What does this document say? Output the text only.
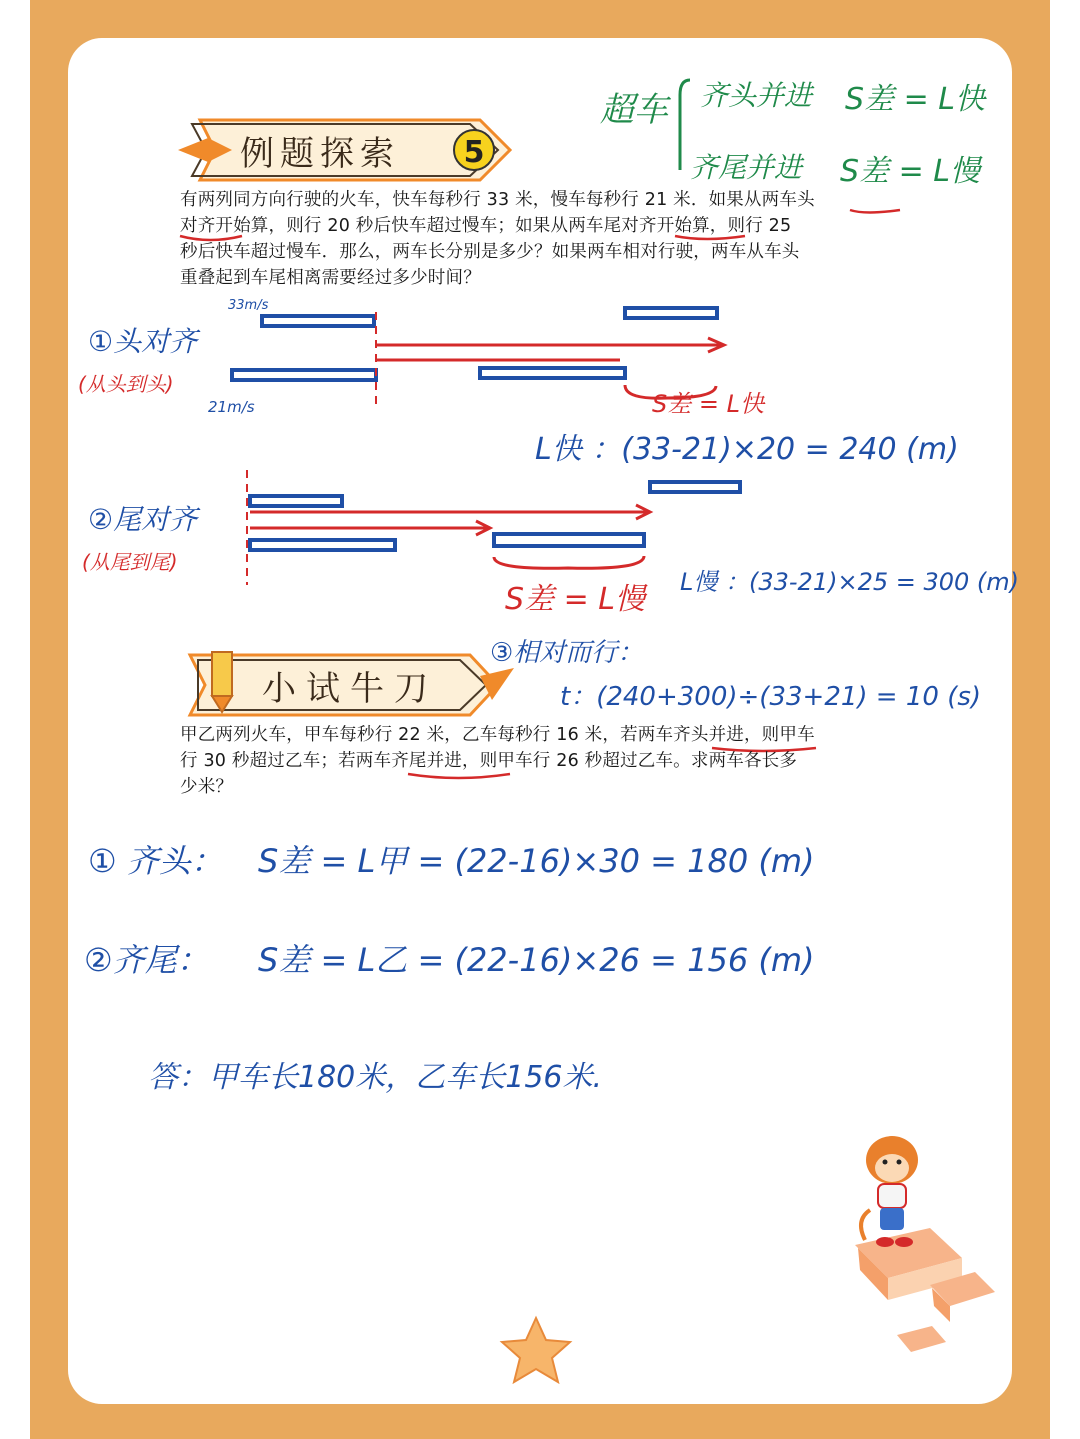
例题探索 5
小试牛刀
有两列同方向行驶的火车，快车每秒行 33 米，慢车每秒行 21 米．如果从两车头
对齐开始算，则行 20 秒后快车超过慢车；如果从两车尾对齐开始算，则行 25
秒后快车超过慢车．那么，两车长分别是多少？如果两车相对行驶，两车从车头
重叠起到车尾相离需要经过多少时间？
超车 齐头并进 S差 = L快
齐尾并进 S差 = L慢
①头对齐
(从头到头)
33m/s
21m/s	S差 = L快
L快 ：(33-21)×20 = 240 (m)
②尾对齐
(从尾到尾)
S差 = L慢 L慢 ：(33-21)×25 = 300 (m)
③相对而行：
t：(240+300)÷(33+21) = 10 (s)
甲乙两列火车，甲车每秒行 22 米，乙车每秒行 16 米，若两车齐头并进，则甲车
行 30 秒超过乙车；若两车齐尾并进，则甲车行 26 秒超过乙车。求两车各长多
少米？
① 齐头： S差 = L甲 = (22-16)×30 = 180 (m)
②齐尾： S差 = L乙 = (22-16)×26 = 156 (m)
答：甲车长180米，乙车长156米.
